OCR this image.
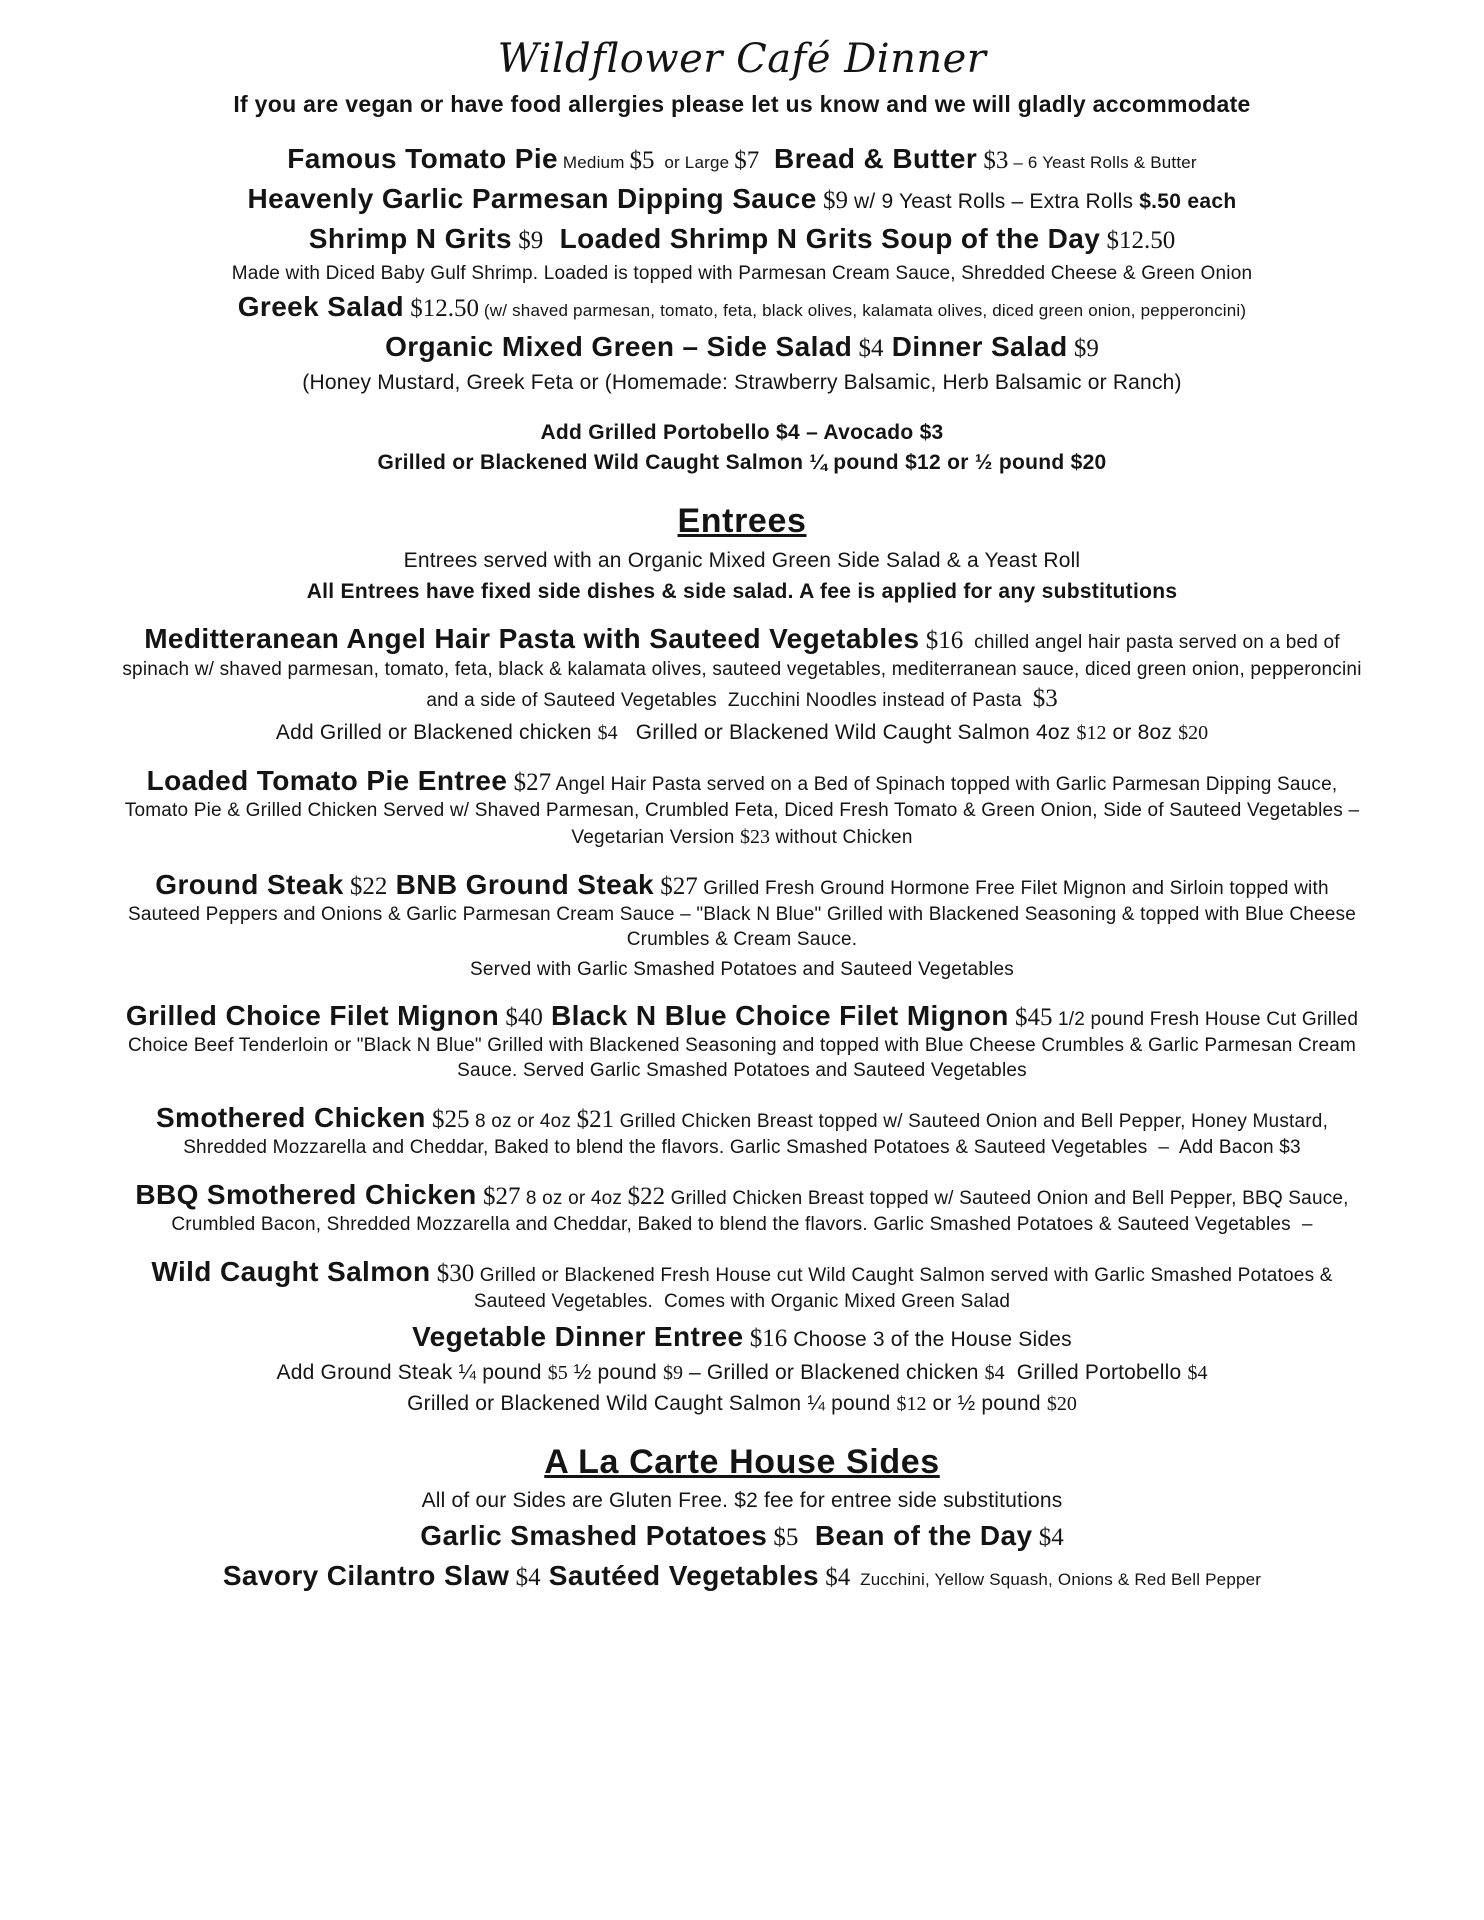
Wildflower Café Dinner
If you are vegan or have food allergies please let us know and we will gladly accommodate
Famous Tomato Pie Medium $5  or Large $7 Bread & Butter $3 – 6 Yeast Rolls & Butter
Heavenly Garlic Parmesan Dipping Sauce $9 w/ 9 Yeast Rolls – Extra Rolls $.50 each
Shrimp N Grits $9 Loaded Shrimp N Grits Soup of the Day $12.50
Made with Diced Baby Gulf Shrimp. Loaded is topped with Parmesan Cream Sauce, Shredded Cheese & Green Onion
Greek Salad $12.50 (w/ shaved parmesan, tomato, feta, black olives, kalamata olives, diced green onion, pepperoncini)
Organic Mixed Green – Side Salad $4 Dinner Salad $9
(Honey Mustard, Greek Feta or (Homemade: Strawberry Balsamic, Herb Balsamic or Ranch)
Add Grilled Portobello $4 – Avocado $3
Grilled or Blackened Wild Caught Salmon ¼ pound $12 or ½ pound $20
Entrees
Entrees served with an Organic Mixed Green Side Salad & a Yeast Roll
All Entrees have fixed side dishes & side salad. A fee is applied for any substitutions
Meditteranean Angel Hair Pasta with Sauteed Vegetables $16  chilled angel hair pasta served on a bed of spinach w/ shaved parmesan, tomato, feta, black & kalamata olives, sauteed vegetables, mediterranean sauce, diced green onion, pepperoncini and a side of Sauteed Vegetables  Zucchini Noodles instead of Pasta  $3
Add Grilled or Blackened chicken $4   Grilled or Blackened Wild Caught Salmon 4oz $12 or 8oz $20
Loaded Tomato Pie Entree $27 Angel Hair Pasta served on a Bed of Spinach topped with Garlic Parmesan Dipping Sauce, Tomato Pie & Grilled Chicken Served w/ Shaved Parmesan, Crumbled Feta, Diced Fresh Tomato & Green Onion, Side of Sauteed Vegetables – Vegetarian Version $23 without Chicken
Ground Steak $22 BNB Ground Steak $27 Grilled Fresh Ground Hormone Free Filet Mignon and Sirloin topped with Sauteed Peppers and Onions & Garlic Parmesan Cream Sauce – "Black N Blue" Grilled with Blackened Seasoning & topped with Blue Cheese Crumbles & Cream Sauce.
Served with Garlic Smashed Potatoes and Sauteed Vegetables
Grilled Choice Filet Mignon $40 Black N Blue Choice Filet Mignon $45 1/2 pound Fresh House Cut Grilled Choice Beef Tenderloin or "Black N Blue" Grilled with Blackened Seasoning and topped with Blue Cheese Crumbles & Garlic Parmesan Cream Sauce. Served Garlic Smashed Potatoes and Sauteed Vegetables
Smothered Chicken $25 8 oz or 4oz $21 Grilled Chicken Breast topped w/ Sauteed Onion and Bell Pepper, Honey Mustard, Shredded Mozzarella and Cheddar, Baked to blend the flavors. Garlic Smashed Potatoes & Sauteed Vegetables  –  Add Bacon $3
BBQ Smothered Chicken $27 8 oz or 4oz $22 Grilled Chicken Breast topped w/ Sauteed Onion and Bell Pepper, BBQ Sauce, Crumbled Bacon, Shredded Mozzarella and Cheddar, Baked to blend the flavors. Garlic Smashed Potatoes & Sauteed Vegetables  –
Wild Caught Salmon $30 Grilled or Blackened Fresh House cut Wild Caught Salmon served with Garlic Smashed Potatoes & Sauteed Vegetables.  Comes with Organic Mixed Green Salad
Vegetable Dinner Entree $16 Choose 3 of the House Sides
Add Ground Steak ¼ pound $5 ½ pound $9 – Grilled or Blackened chicken $4  Grilled Portobello $4
Grilled or Blackened Wild Caught Salmon ¼ pound $12 or ½ pound $20
A La Carte House Sides
All of our Sides are Gluten Free. $2 fee for entree side substitutions
Garlic Smashed Potatoes $5 Bean of the Day $4
Savory Cilantro Slaw $4 Sautéed Vegetables $4  Zucchini, Yellow Squash, Onions & Red Bell Pepper
